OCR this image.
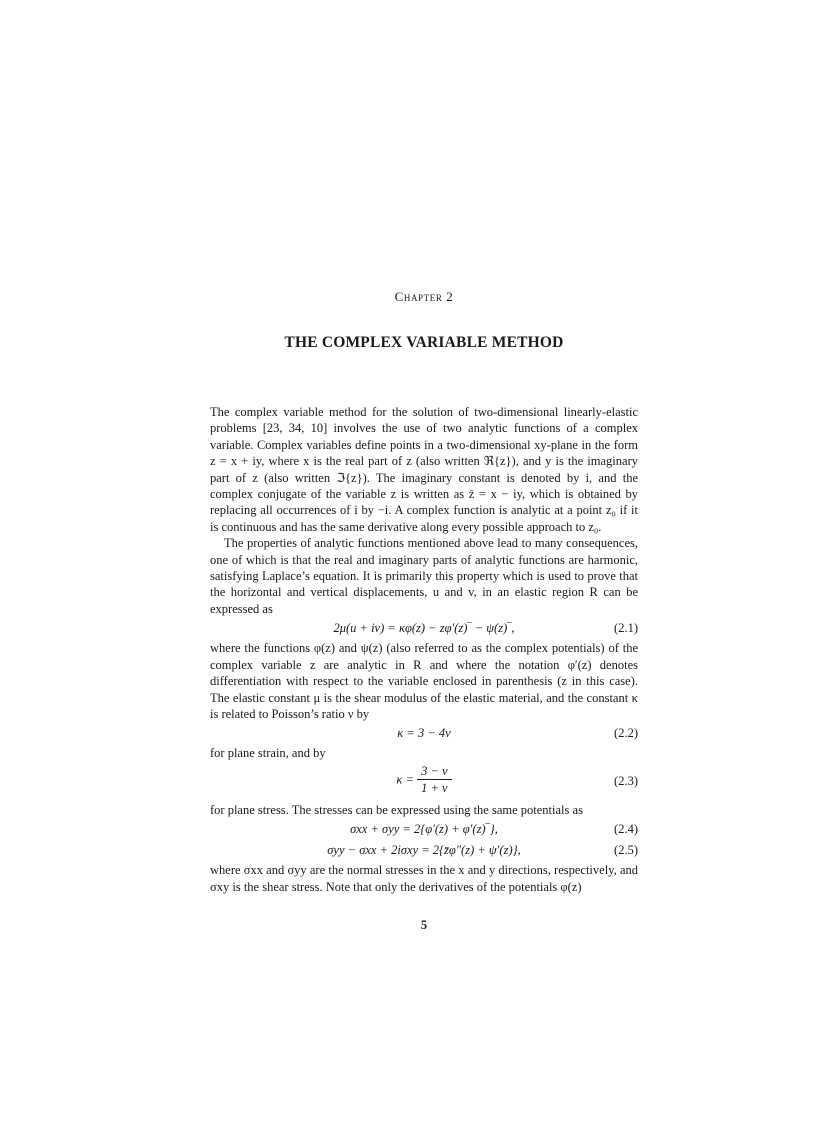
Chapter 2
THE COMPLEX VARIABLE METHOD

The complex variable method for the solution of two-dimensional linearly-elastic problems [23, 34, 10] involves the use of two analytic functions of a complex variable. Complex variables define points in a two-dimensional xy-plane in the form z = x + iy, where x is the real part of z (also written ℜ{z}), and y is the imaginary part of z (also written ℑ{z}). The imaginary constant is denoted by i, and the complex conjugate of the variable z is written as z̄ = x − iy, which is obtained by replacing all occurrences of i by −i. A complex function is analytic at a point z₀ if it is continuous and has the same derivative along every possible approach to z₀.

The properties of analytic functions mentioned above lead to many consequences, one of which is that the real and imaginary parts of analytic functions are harmonic, satisfying Laplace’s equation. It is primarily this property which is used to prove that the horizontal and vertical displacements, u and v, in an elastic region R can be expressed as

2μ(u + iv) = κφ(z) − zφ′(z)‾ − ψ(z)‾,	(2.1)

where the functions φ(z) and ψ(z) (also referred to as the complex potentials) of the complex variable z are analytic in R and where the notation φ′(z) denotes differentiation with respect to the variable enclosed in parenthesis (z in this case). The elastic constant μ is the shear modulus of the elastic material, and the constant κ is related to Poisson’s ratio ν by

κ = 3 − 4ν	(2.2)

for plane strain, and by

$\kappa = \frac{3 - \nu}{1 + \nu}$	(2.3)

for plane stress. The stresses can be expressed using the same potentials as

σxx + σyy = 2{φ′(z) + φ′(z)‾},	(2.4)
σyy − σxx + 2iσxy = 2{z̄φ″(z) + ψ′(z)},	(2.5)

where σxx and σyy are the normal stresses in the x and y directions, respectively, and σxy is the shear stress. Note that only the derivatives of the potentials φ(z)

5
